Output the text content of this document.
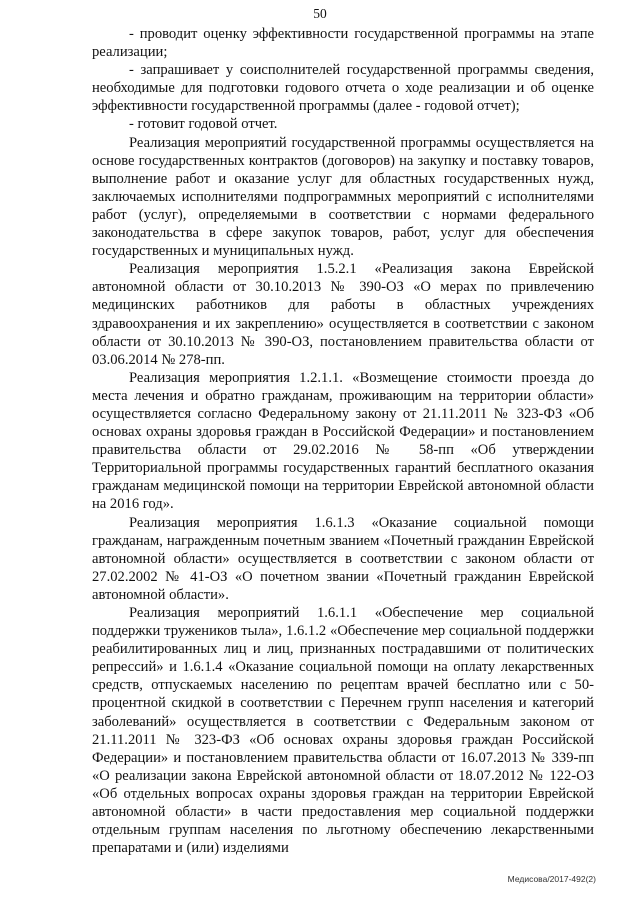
50

- проводит оценку эффективности государственной программы на этапе реализации;

- запрашивает у соисполнителей государственной программы сведения, необходимые для подготовки годового отчета о ходе реализации и об оценке эффективности государственной программы (далее - годовой отчет);

- готовит годовой отчет.

Реализация мероприятий государственной программы осуществляется на основе государственных контрактов (договоров) на закупку и поставку товаров, выполнение работ и оказание услуг для областных государственных нужд, заключаемых исполнителями подпрограммных мероприятий с исполнителями работ (услуг), определяемыми в соответствии с нормами федерального законодательства в сфере закупок товаров, работ, услуг для обеспечения государственных и муниципальных нужд.

Реализация мероприятия 1.5.2.1 «Реализация закона Еврейской автономной области от 30.10.2013 № 390-ОЗ «О мерах по привлечению медицинских работников для работы в областных учреждениях здравоохранения и их закреплению» осуществляется в соответствии с законом области от 30.10.2013 № 390-ОЗ, постановлением правительства области от 03.06.2014 № 278-пп.

Реализация мероприятия 1.2.1.1. «Возмещение стоимости проезда до места лечения и обратно гражданам, проживающим на территории области» осуществляется согласно Федеральному закону от 21.11.2011 № 323-ФЗ «Об основах охраны здоровья граждан в Российской Федерации» и постановлением правительства области от 29.02.2016 № 58-пп «Об утверждении Территориальной программы государственных гарантий бесплатного оказания гражданам медицинской помощи на территории Еврейской автономной области на 2016 год».

Реализация мероприятия 1.6.1.3 «Оказание социальной помощи гражданам, награжденным почетным званием «Почетный гражданин Еврейской автономной области» осуществляется в соответствии с законом области от 27.02.2002 № 41-ОЗ «О почетном звании «Почетный гражданин Еврейской автономной области».

Реализация мероприятий 1.6.1.1 «Обеспечение мер социальной поддержки тружеников тыла», 1.6.1.2 «Обеспечение мер социальной поддержки реабилитированных лиц и лиц, признанных пострадавшими от политических репрессий» и 1.6.1.4 «Оказание социальной помощи на оплату лекарственных средств, отпускаемых населению по рецептам врачей бесплатно или с 50-процентной скидкой в соответствии с Перечнем групп населения и категорий заболеваний» осуществляется в соответствии с Федеральным законом от 21.11.2011 № 323-ФЗ «Об основах охраны здоровья граждан Российской Федерации» и постановлением правительства области от 16.07.2013 № 339-пп «О реализации закона Еврейской автономной области от 18.07.2012 № 122-ОЗ «Об отдельных вопросах охраны здоровья граждан на территории Еврейской автономной области» в части предоставления мер социальной поддержки отдельным группам населения по льготному обеспечению лекарственными препаратами и (или) изделиями

Медисова/2017-492(2)
